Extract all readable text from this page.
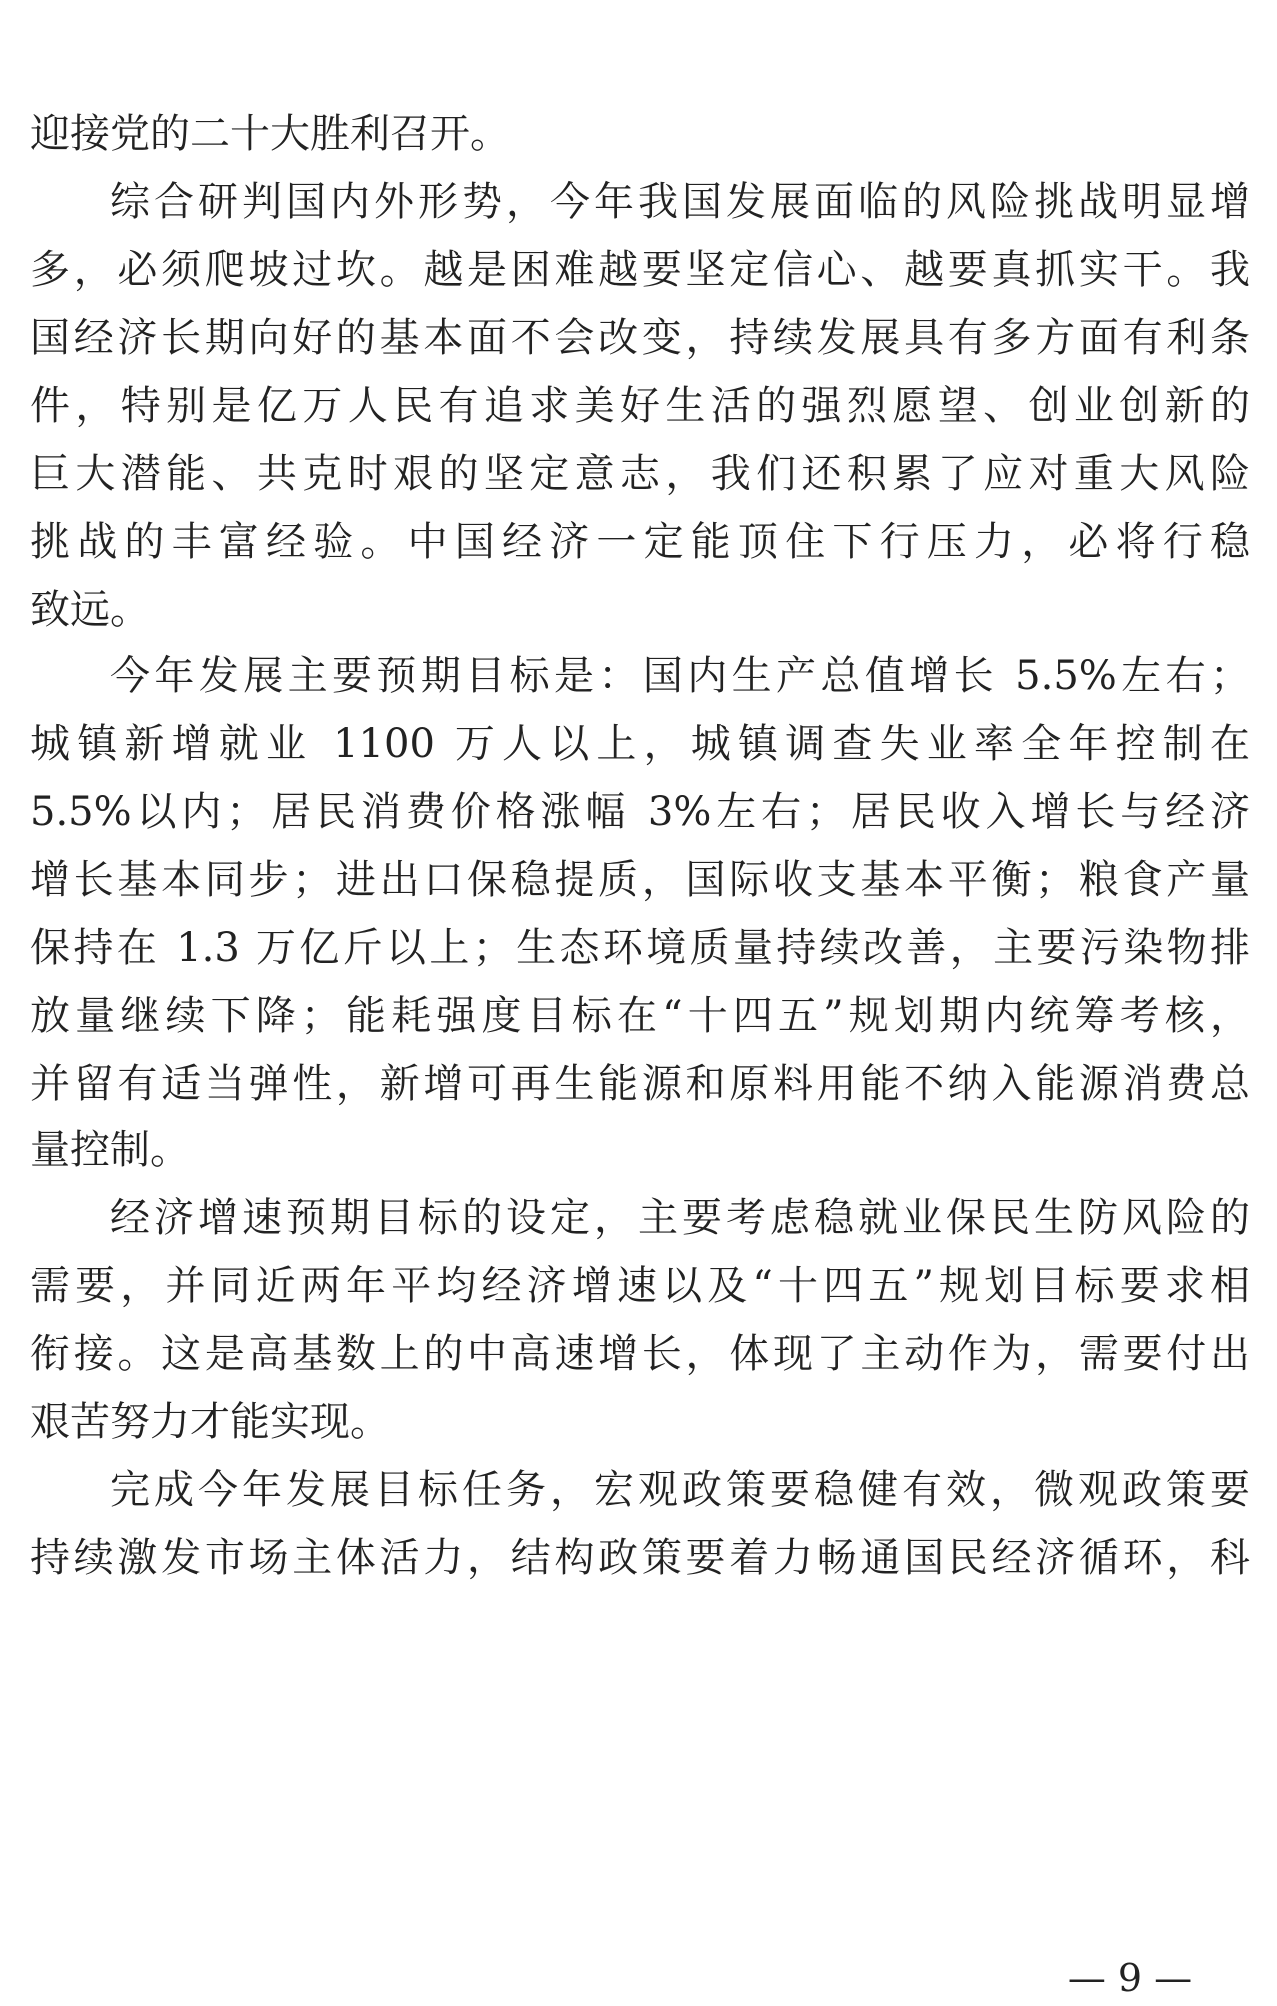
迎接党的二十大胜利召开。
综合研判国内外形势，今年我国发展面临的风险挑战明显增
多，必须爬坡过坎。越是困难越要坚定信心、越要真抓实干。我
国经济长期向好的基本面不会改变，持续发展具有多方面有利条
件，特别是亿万人民有追求美好生活的强烈愿望、创业创新的
巨大潜能、共克时艰的坚定意志，我们还积累了应对重大风险
挑战的丰富经验。中国经济一定能顶住下行压力，必将行稳
致远。
今年发展主要预期目标是：国内生产总值增长 5.5%左右；
城镇新增就业 1100 万人以上，城镇调查失业率全年控制在
5.5%以内；居民消费价格涨幅 3%左右；居民收入增长与经济
增长基本同步；进出口保稳提质，国际收支基本平衡；粮食产量
保持在 1.3 万亿斤以上；生态环境质量持续改善，主要污染物排
放量继续下降；能耗强度目标在“十四五”规划期内统筹考核，
并留有适当弹性，新增可再生能源和原料用能不纳入能源消费总
量控制。
经济增速预期目标的设定，主要考虑稳就业保民生防风险的
需要，并同近两年平均经济增速以及“十四五”规划目标要求相
衔接。这是高基数上的中高速增长，体现了主动作为，需要付出
艰苦努力才能实现。
完成今年发展目标任务，宏观政策要稳健有效，微观政策要
持续激发市场主体活力，结构政策要着力畅通国民经济循环，科
— 9 —
